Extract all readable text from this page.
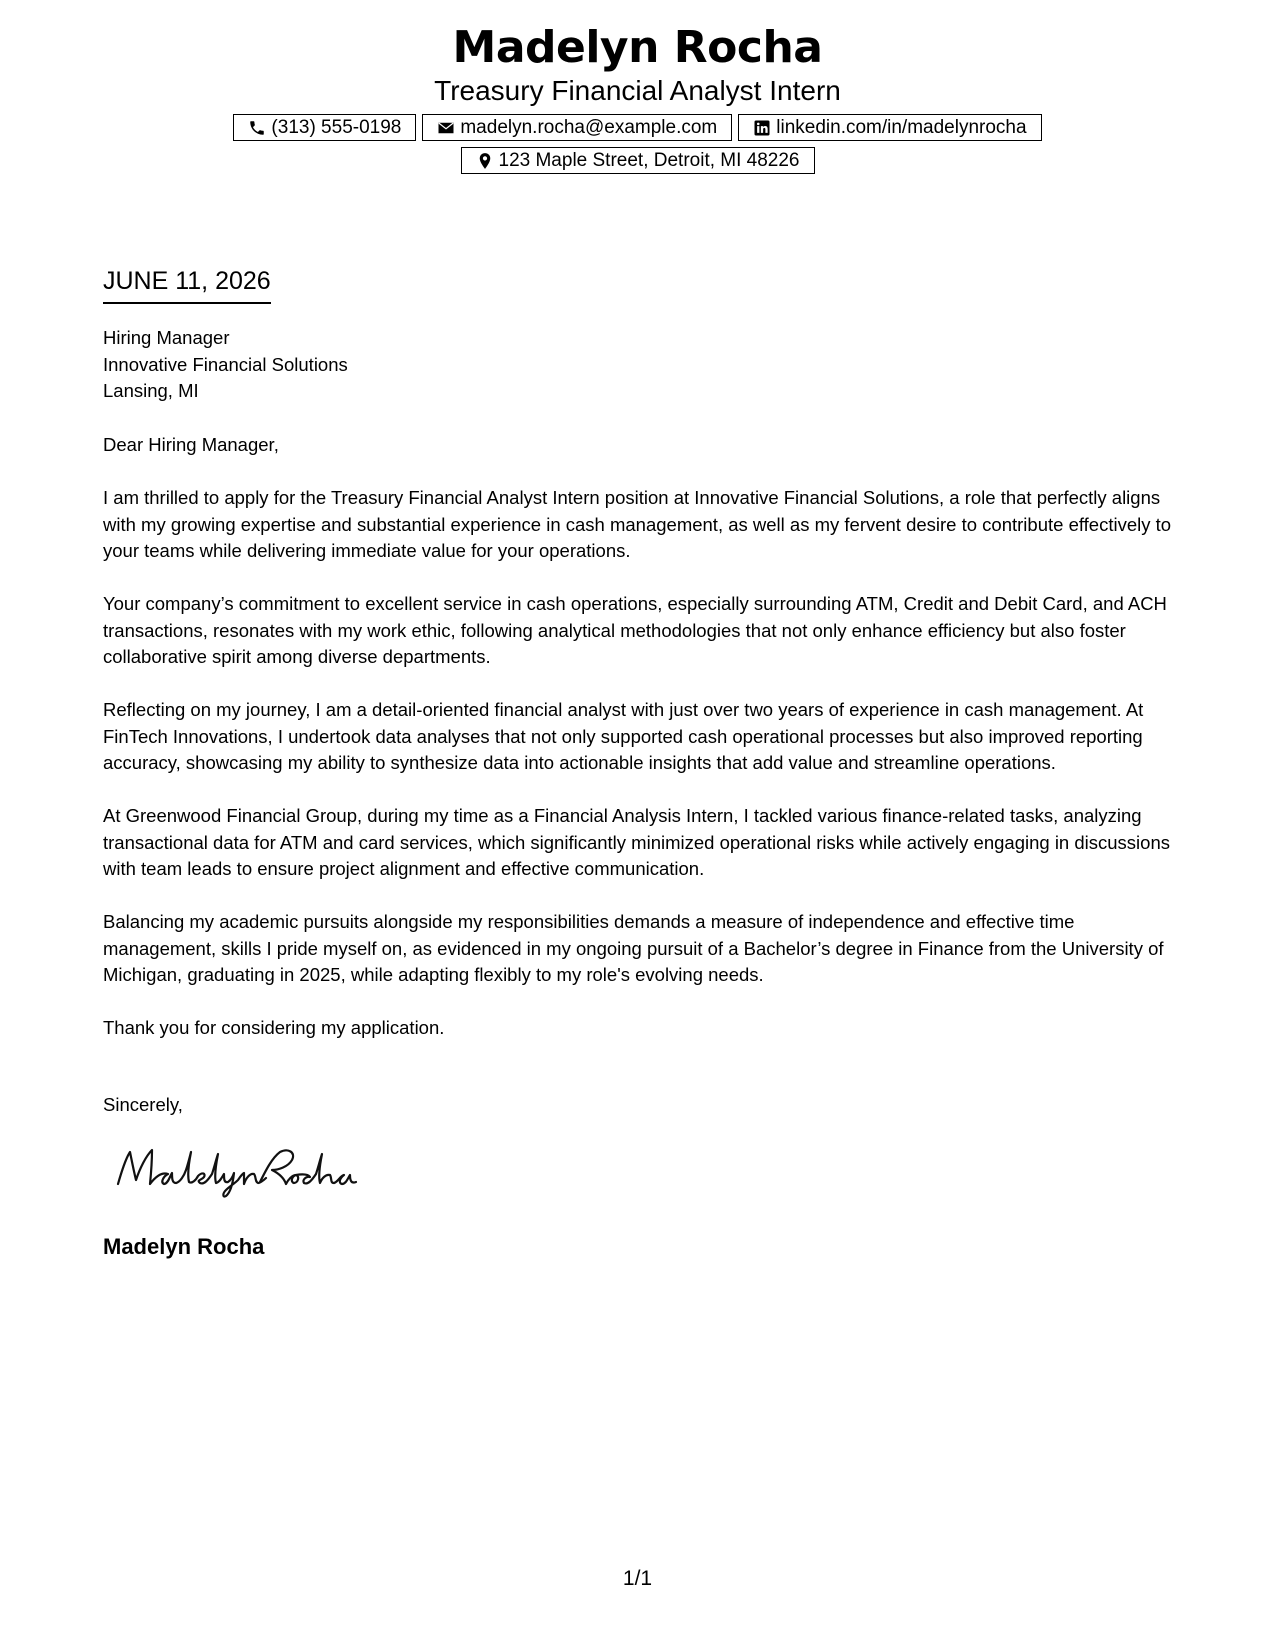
Madelyn Rocha
Treasury Financial Analyst Intern
(313) 555-0198	madelyn.rocha@example.com	linkedin.com/in/madelynrocha
123 Maple Street, Detroit, MI 48226
JUNE 11, 2026
Hiring Manager
Innovative Financial Solutions
Lansing, MI
Dear Hiring Manager,

I am thrilled to apply for the Treasury Financial Analyst Intern position at Innovative Financial Solutions, a role that perfectly aligns with my growing expertise and substantial experience in cash management, as well as my fervent desire to contribute effectively to your teams while delivering immediate value for your operations.

Your company’s commitment to excellent service in cash operations, especially surrounding ATM, Credit and Debit Card, and ACH transactions, resonates with my work ethic, following analytical methodologies that not only enhance efficiency but also foster collaborative spirit among diverse departments.

Reflecting on my journey, I am a detail-oriented financial analyst with just over two years of experience in cash management. At FinTech Innovations, I undertook data analyses that not only supported cash operational processes but also improved reporting accuracy, showcasing my ability to synthesize data into actionable insights that add value and streamline operations.

At Greenwood Financial Group, during my time as a Financial Analysis Intern, I tackled various finance-related tasks, analyzing transactional data for ATM and card services, which significantly minimized operational risks while actively engaging in discussions with team leads to ensure project alignment and effective communication.

Balancing my academic pursuits alongside my responsibilities demands a measure of independence and effective time management, skills I pride myself on, as evidenced in my ongoing pursuit of a Bachelor’s degree in Finance from the University of Michigan, graduating in 2025, while adapting flexibly to my role's evolving needs.

Thank you for considering my application.

Sincerely,
Madelyn Rocha
1/1
